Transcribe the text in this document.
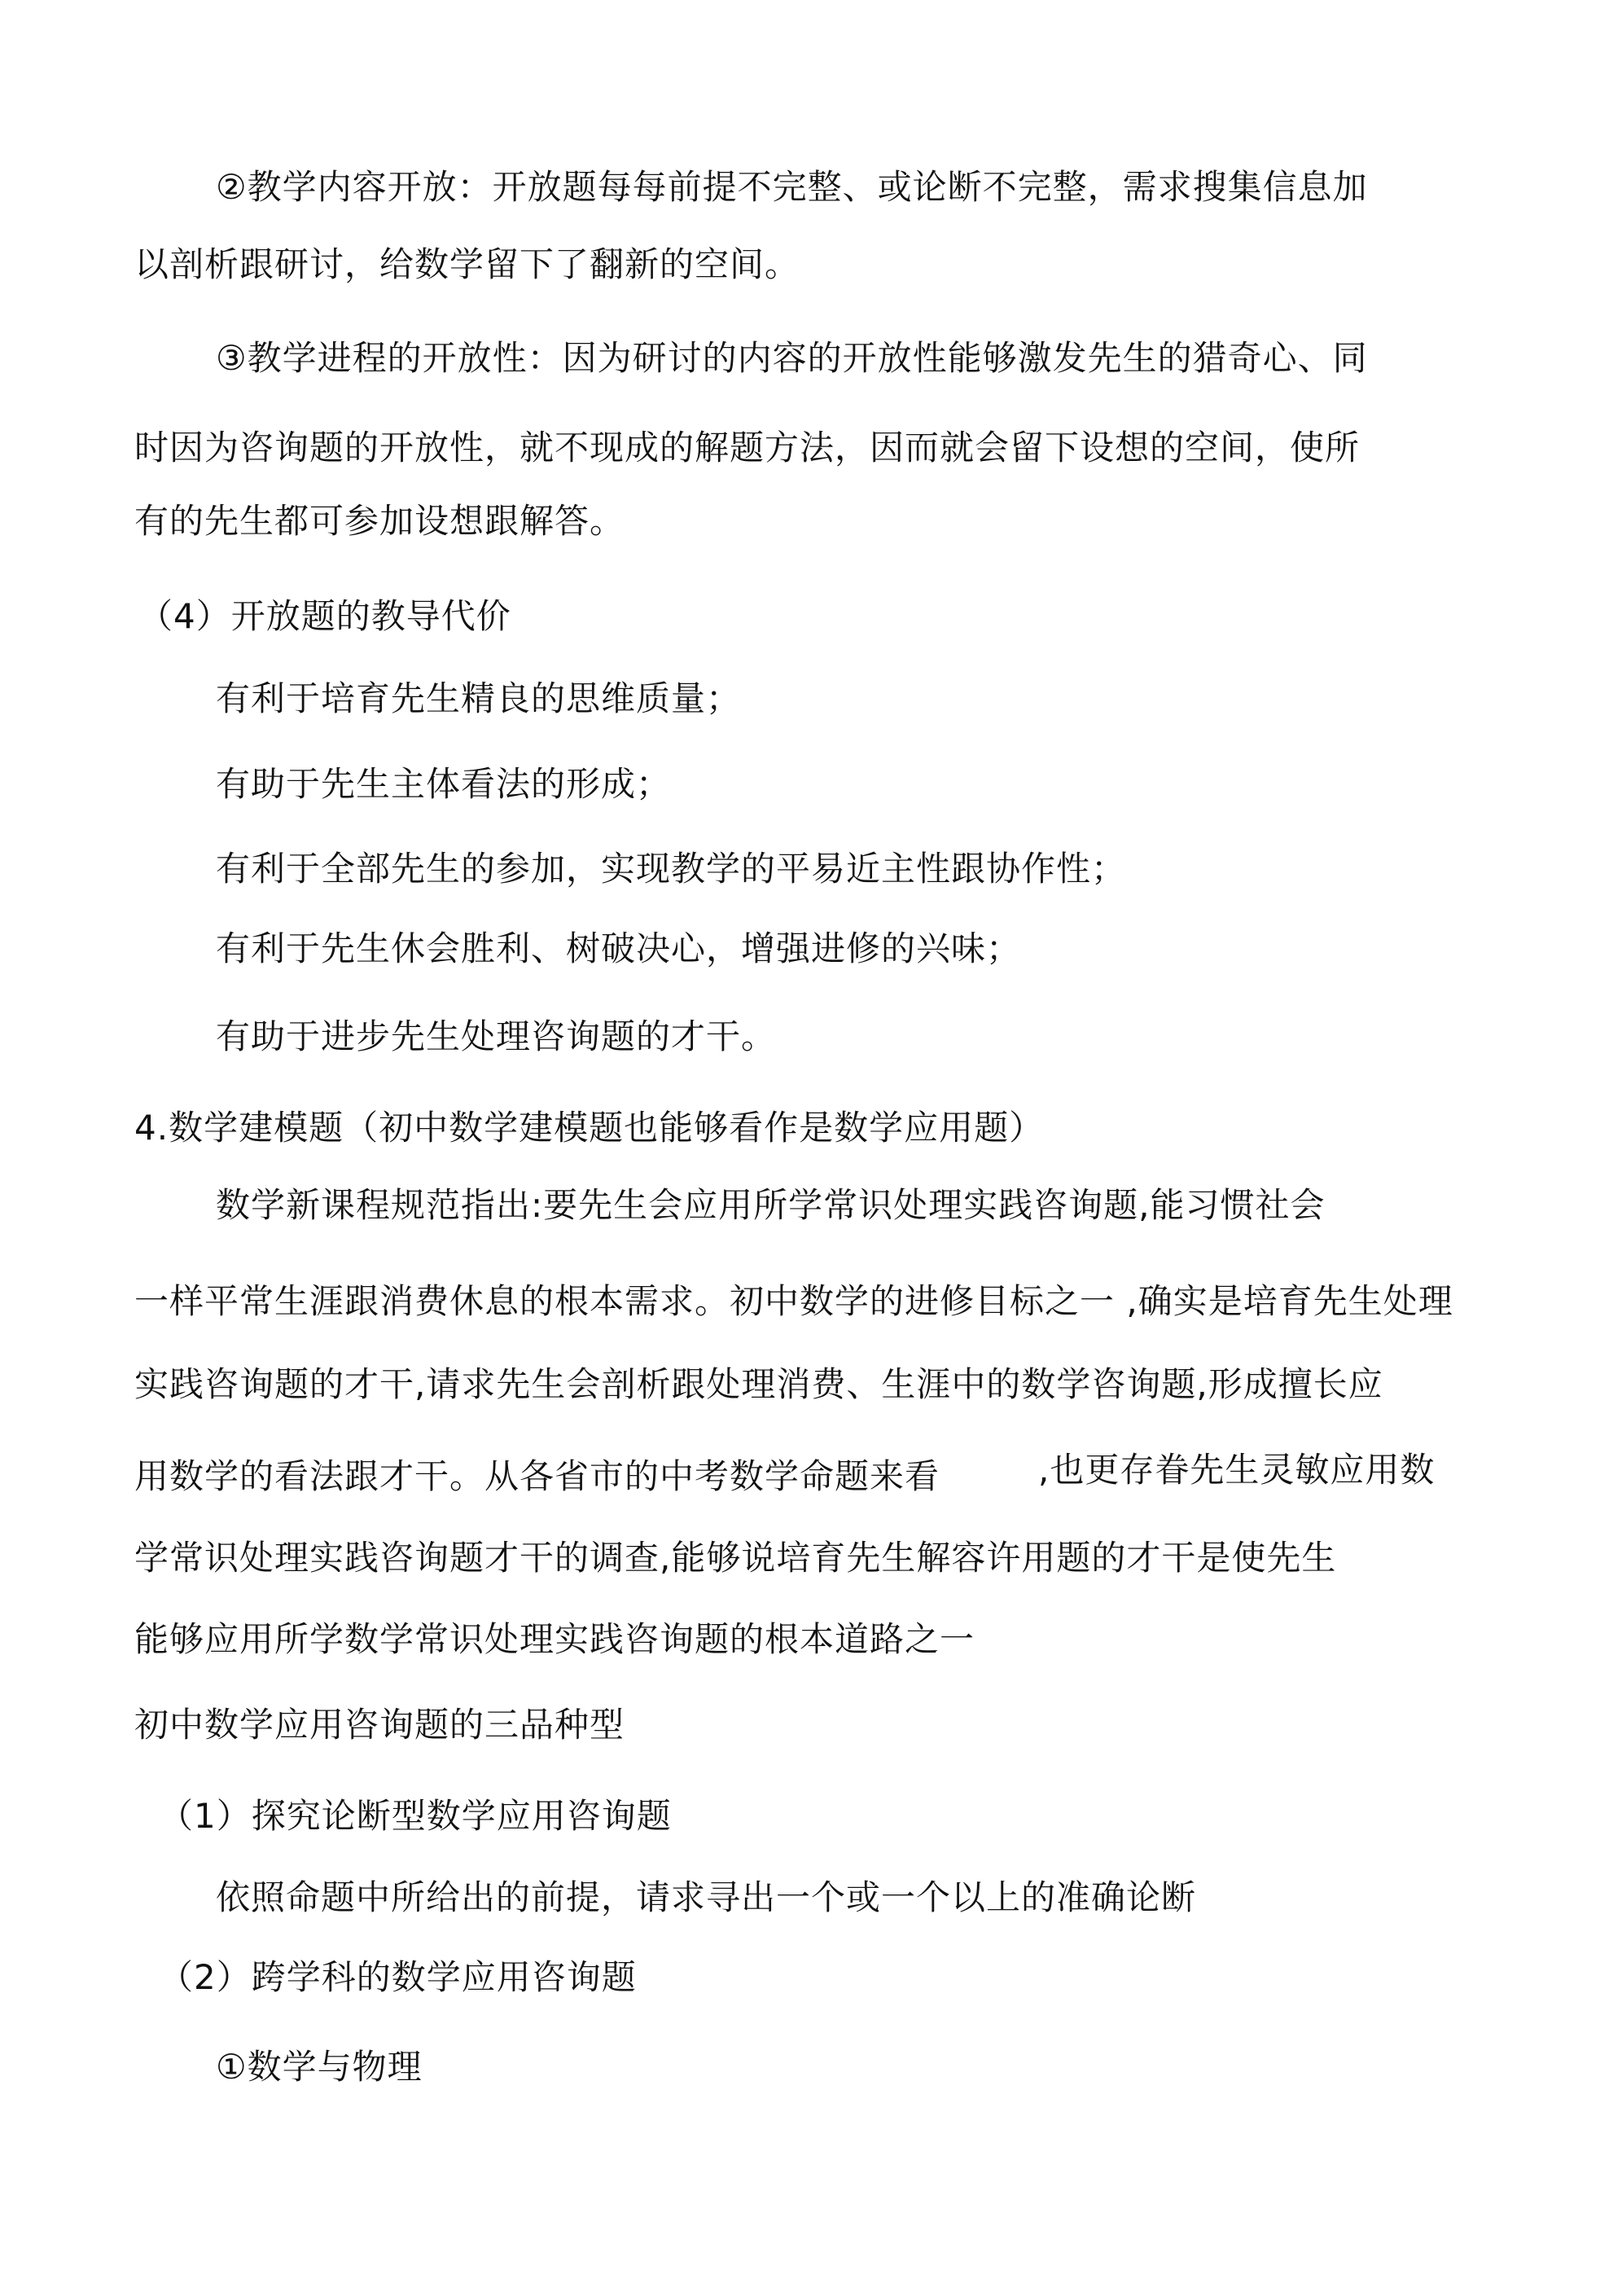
②教学内容开放：开放题每每前提不完整、或论断不完整，需求搜集信息加
以剖析跟研讨，给数学留下了翻新的空间。
③教学进程的开放性：因为研讨的内容的开放性能够激发先生的猎奇心、同
时因为咨询题的开放性，就不现成的解题方法，因而就会留下设想的空间，使所
有的先生都可参加设想跟解答。
（4）开放题的教导代价
有利于培育先生精良的思维质量；
有助于先生主体看法的形成；
有利于全部先生的参加，实现教学的平易近主性跟协作性；
有利于先生休会胜利、树破决心，增强进修的兴味；
有助于进步先生处理咨询题的才干。
4.数学建模题（初中数学建模题也能够看作是数学应用题）
数学新课程规范指出:要先生会应用所学常识处理实践咨询题,能习惯社会
一样平常生涯跟消费休息的根本需求。初中数学的进修目标之一 ,确实是培育先生处理
实践咨询题的才干,请求先生会剖析跟处理消费、生涯中的数学咨询题,形成擅长应
用数学的看法跟才干。从各省市的中考数学命题来看	,也更存眷先生灵敏应用数
学常识处理实践咨询题才干的调查,能够说培育先生解容许用题的才干是使先生
能够应用所学数学常识处理实践咨询题的根本道路之一
初中数学应用咨询题的三品种型
（1）探究论断型数学应用咨询题
依照命题中所给出的前提，请求寻出一个或一个以上的准确论断
（2）跨学科的数学应用咨询题
①数学与物理
